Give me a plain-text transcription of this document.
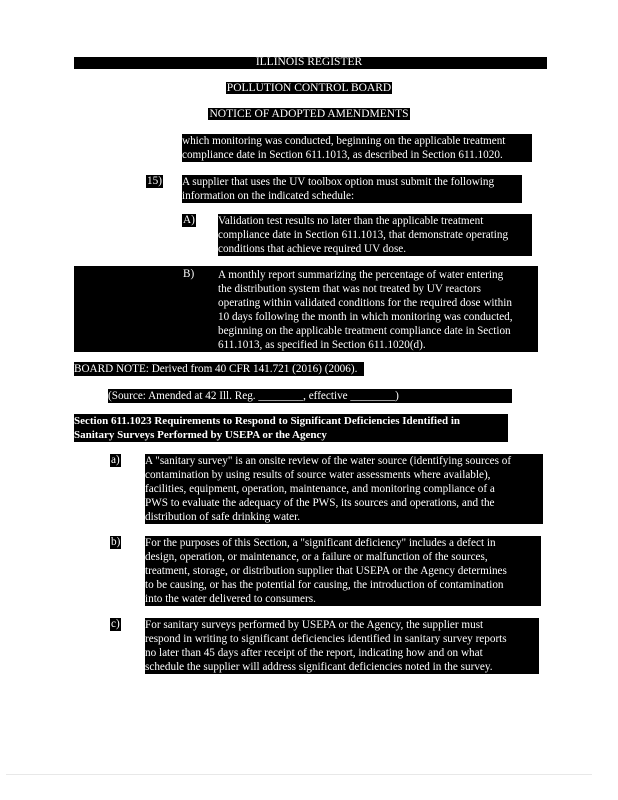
ILLINOIS REGISTER
POLLUTION CONTROL BOARD
NOTICE OF ADOPTED AMENDMENTS
which monitoring was conducted, beginning on the applicable treatment
compliance date in Section 611.1013, as described in Section 611.1020.
15) A supplier that uses the UV toolbox option must submit the following
information on the indicated schedule:
A) Validation test results no later than the applicable treatment
compliance date in Section 611.1013, that demonstrate operating
conditions that achieve required UV dose.
B) A monthly report summarizing the percentage of water entering
the distribution system that was not treated by UV reactors
operating within validated conditions for the required dose within
10 days following the month in which monitoring was conducted,
beginning on the applicable treatment compliance date in Section
611.1013, as specified in Section 611.1020(d).
BOARD NOTE: Derived from 40 CFR 141.721 (2016) (2006).
(Source: Amended at 42 Ill. Reg. ________, effective ________)
Section 611.1023 Requirements to Respond to Significant Deficiencies Identified in
Sanitary Surveys Performed by USEPA or the Agency
a) A "sanitary survey" is an onsite review of the water source (identifying sources of
contamination by using results of source water assessments where available),
facilities, equipment, operation, maintenance, and monitoring compliance of a
PWS to evaluate the adequacy of the PWS, its sources and operations, and the
distribution of safe drinking water.
b) For the purposes of this Section, a "significant deficiency" includes a defect in
design, operation, or maintenance, or a failure or malfunction of the sources,
treatment, storage, or distribution supplier that USEPA or the Agency determines
to be causing, or has the potential for causing, the introduction of contamination
into the water delivered to consumers.
c) For sanitary surveys performed by USEPA or the Agency, the supplier must
respond in writing to significant deficiencies identified in sanitary survey reports
no later than 45 days after receipt of the report, indicating how and on what
schedule the supplier will address significant deficiencies noted in the survey.
